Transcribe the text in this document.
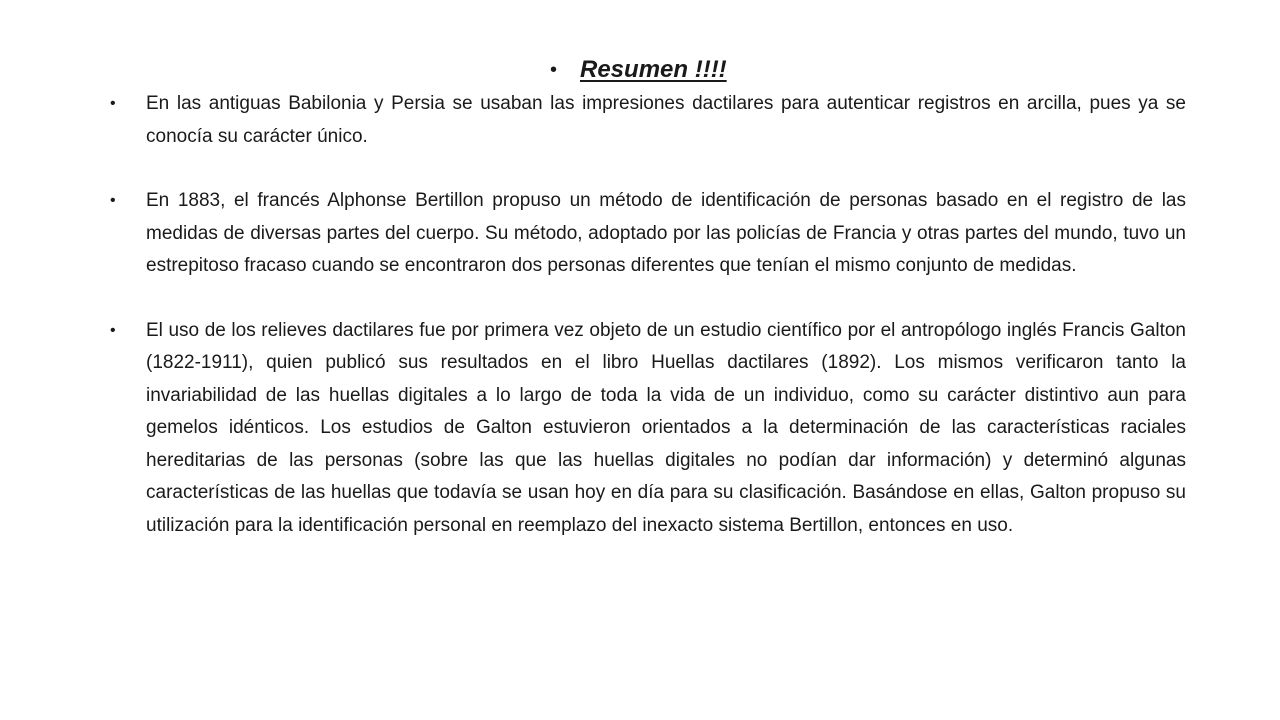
• Resumen !!!!
• En las antiguas Babilonia y Persia se usaban las impresiones dactilares para autenticar registros en arcilla, pues ya se conocía su carácter único.
• En 1883, el francés Alphonse Bertillon propuso un método de identificación de personas basado en el registro de las medidas de diversas partes del cuerpo. Su método, adoptado por las policías de Francia y otras partes del mundo, tuvo un estrepitoso fracaso cuando se encontraron dos personas diferentes que tenían el mismo conjunto de medidas.
• El uso de los relieves dactilares fue por primera vez objeto de un estudio científico por el antropólogo inglés Francis Galton (1822-1911), quien publicó sus resultados en el libro Huellas dactilares (1892). Los mismos verificaron tanto la invariabilidad de las huellas digitales a lo largo de toda la vida de un individuo, como su carácter distintivo aun para gemelos idénticos. Los estudios de Galton estuvieron orientados a la determinación de las características raciales hereditarias de las personas (sobre las que las huellas digitales no podían dar información) y determinó algunas características de las huellas que todavía se usan hoy en día para su clasificación. Basándose en ellas, Galton propuso su utilización para la identificación personal en reemplazo del inexacto sistema Bertillon, entonces en uso.
